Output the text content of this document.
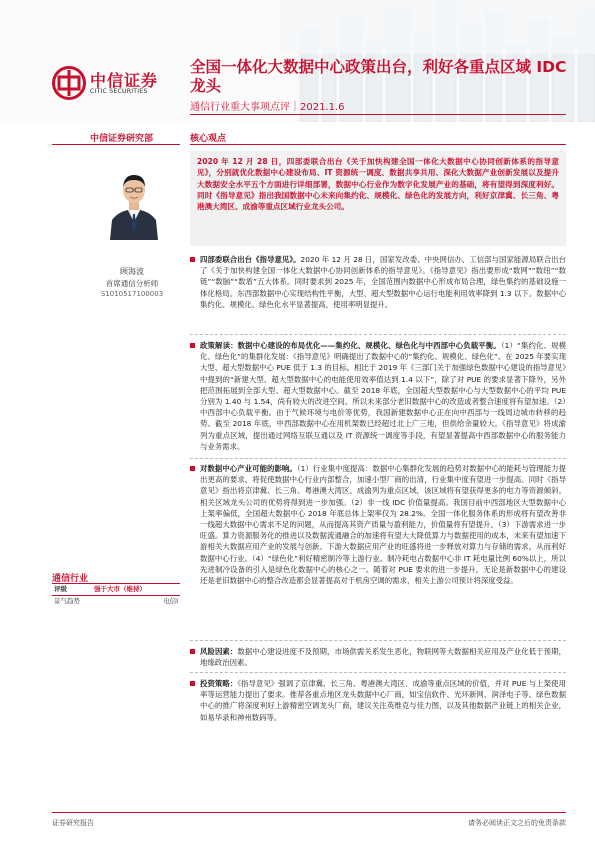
中信证券
CITIC SECURITIES
全国一体化大数据中心政策出台，利好各重点区域 IDC 龙头
通信行业重大事项点评｜2021.1.6
中信证券研究部
顾海波
首席通信分析师
S1010517100003
通信行业
评级	强于大市（维持）
景气趋势	电信Ⅰ
核心观点

2020 年 12 月 28 日，四部委联合出台《关于加快构建全国一体化大数据中心协同创新体系的指导意见》，分别就优化数据中心建设布局、IT 资源统一调度、数据共享共用、深化大数据产业创新发展以及提升大数据安全水平五个方面进行详细部署，数据中心行业作为数字化发展产业的基础，将有望得到深度利好。同时《指导意见》指出我国数据中心未来向集约化、规模化、绿色化的发展方向，利好京津冀、长三角、粤港澳大湾区、成渝等重点区域行业龙头公司。

四部委联合出台《指导意见》。2020 年 12 月 28 日，国家发改委、中央网信办、工信部与国家能源局联合出台了《关于加快构建全国一体化大数据中心协同创新体系的指导意见》。《指导意见》指出要形成“数网”“数纽”“数链”“数脑”“数盾”五大体系。同时要求到 2025 年，全国范围内数据中心形成布局合理，绿色集约的基础设施一体化格局。东西部数据中心实现结构性平衡，大型、超大型数据中心运行电能利用效率降到 1.3 以下。数据中心集约化、规模化、绿色化水平显著提高，使用率明显提升。
政策解读：数据中心建设的布局优化——集约化、规模化、绿色化与中西部中心负载平衡。（1）“集约化、规模化、绿色化”的集群化发展：《指导意见》明确提出了数据中心的“集约化、规模化、绿色化”。在 2025 年要实现大型、超大型数据中心 PUE 低于 1.3 的目标。相比于 2019 年《三部门关于加强绿色数据中心建设的指导意见》中提到的“新建大型、超大型数据中心的电能使用效率值达到 1.4 以下”，除了对 PUE 的要求显著下降外，另外把范围拓展到全部大型、超大型数据中心。截至 2018 年底，全国超大型数据中心与大型数据中心的平均 PUE 分别为 1.40 与 1.54，尚有较大的改进空间。所以未来部分老旧数据中心的改造或者整合速度将有望加速。（2）中西部中心负载平衡。由于气候环境与电价等优势，我国新建数据中心正在向中西部与一线周边城市转移的趋势。截至 2018 年底，中西部数据中心在用机架数已经超过北上广三地，但供给余量较大。《指导意见》将成渝列为重点区域，提出通过网络互联互通以及 IT 资源统一调度等手段，有望显著提高中西部数据中心的服务能力与业务需求。
对数据中心产业可能的影响。（1）行业集中度提高：数据中心集群化发展的趋势对数据中心的能耗与管理能力提出更高的要求，将促使数据中心行业内部整合，加速小型厂商的出清，行业集中度有望进一步提高。同时《指导意见》指出将京津冀、长三角、粤港澳大湾区、成渝列为重点区域，该区域将有望获得更多的电力等资源倾斜。相关区域龙头公司的优势将得到进一步加强。（2）非一线 IDC 价值量提高。我国目前中西部地区大型数据中心上架率偏低，全国超大数据中心 2018 年底总体上架率仅为 28.2%。全国一体化服务体系的形成将有望改善非一线超大数据中心需求不足的问题，从而提高其资产质量与盈利能力，价值量将有望提升。（3）下游需求进一步旺盛。算力资源服务化的推进以及数据流通融合的加速将有望大大降低算力与数据使用的成本，未来有望加速下游相关大数据应用产业的发展与创新。下游大数据应用产业的旺盛将进一步释放对算力与存储的需求，从而利好数据中心行业。（4）“绿色化”利好精密制冷等上游行业。制冷耗电占数据中心非 IT 耗电量比例 60%以上，所以先进制冷设备的引入是绿色化数据中心的核心之一。随着对 PUE 要求的进一步提升，无论是新数据中心的建设还是老旧数据中心的整合改造都会显著提高对于机房空调的需求，相关上游公司预计将深度受益。
风险因素：数据中心建设进度不及预期，市场供需关系发生恶化，物联网等大数据相关应用及产业化低于预期，地缘政治因素。
投资策略：《指导意见》强调了京津冀、长三角、粤港澳大湾区、成渝等重点区域的价值，并对 PUE 与上架使用率等运营能力提出了要求。推荐各重点地区龙头数据中心厂商，如宝信软件、光环新网、润泽电子等。绿色数据中心的推广将深度利好上游精密空调龙头厂商，建议关注英维克与佳力图，以及其他数据产业链上的相关企业，如易华录和神州数码等。
证券研究报告	请务必阅读正文之后的免责条款
